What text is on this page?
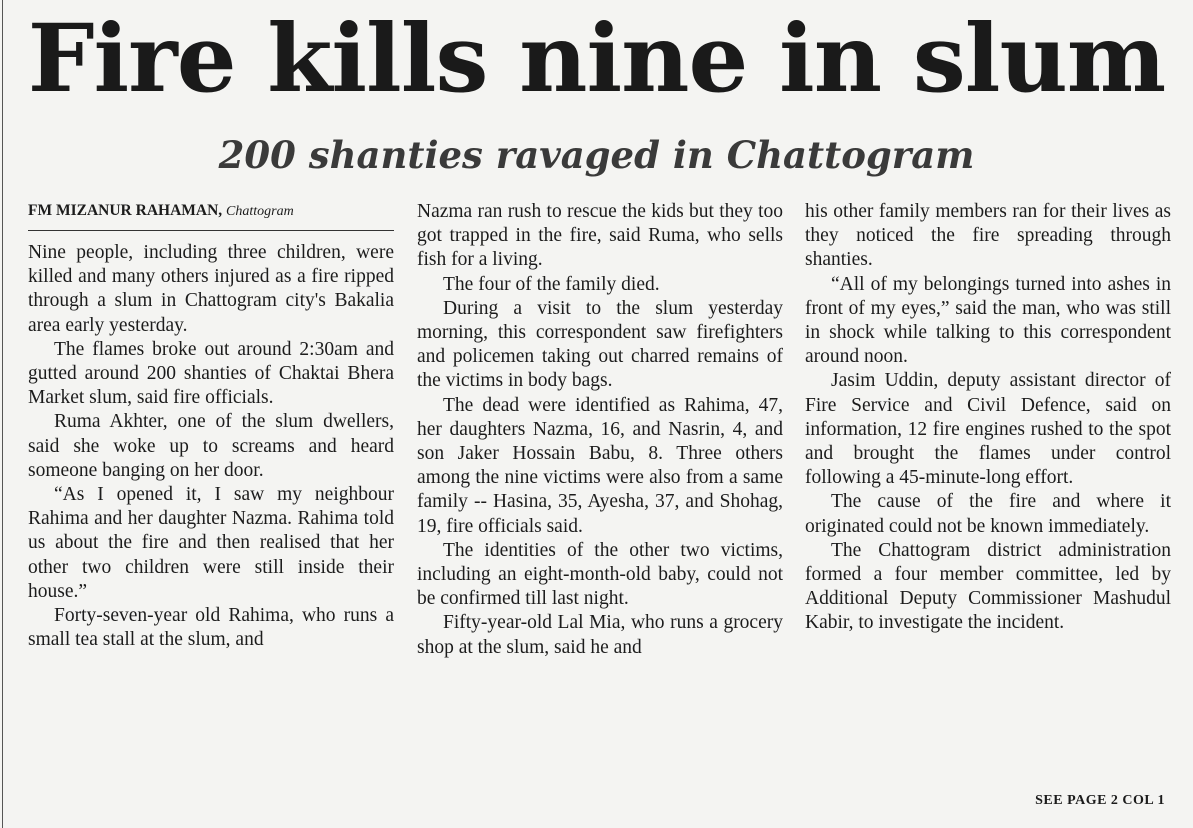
Fire kills nine in slum
200 shanties ravaged in Chattogram
FM MIZANUR RAHAMAN, Chattogram

Nine people, including three children, were killed and many others injured as a fire ripped through a slum in Chattogram city's Bakalia area early yesterday.

The flames broke out around 2:30am and gutted around 200 shanties of Chaktai Bhera Market slum, said fire officials.

Ruma Akhter, one of the slum dwellers, said she woke up to screams and heard someone banging on her door.

“As I opened it, I saw my neighbour Rahima and her daughter Nazma. Rahima told us about the fire and then realised that her other two children were still inside their house.”

Forty-seven-year old Rahima, who runs a small tea stall at the slum, and

Nazma ran rush to rescue the kids but they too got trapped in the fire, said Ruma, who sells fish for a living.

The four of the family died.

During a visit to the slum yesterday morning, this correspondent saw firefighters and policemen taking out charred remains of the victims in body bags.

The dead were identified as Rahima, 47, her daughters Nazma, 16, and Nasrin, 4, and son Jaker Hossain Babu, 8. Three others among the nine victims were also from a same family -- Hasina, 35, Ayesha, 37, and Shohag, 19, fire officials said.

The identities of the other two victims, including an eight-month-old baby, could not be confirmed till last night.

Fifty-year-old Lal Mia, who runs a grocery shop at the slum, said he and

his other family members ran for their lives as they noticed the fire spreading through shanties.

“All of my belongings turned into ashes in front of my eyes,” said the man, who was still in shock while talking to this correspondent around noon.

Jasim Uddin, deputy assistant director of Fire Service and Civil Defence, said on information, 12 fire engines rushed to the spot and brought the flames under control following a 45-minute-long effort.

The cause of the fire and where it originated could not be known immediately.

The Chattogram district administration formed a four member committee, led by Additional Deputy Commissioner Mashudul Kabir, to investigate the incident.

SEE PAGE 2 COL 1
